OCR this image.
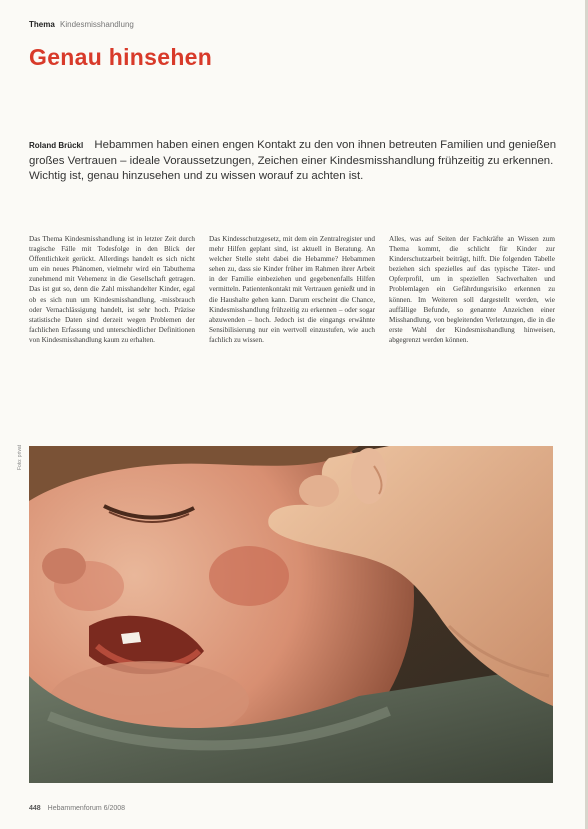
Thema Kindesmisshandlung
Genau hinsehen
Roland Brückl Hebammen haben einen engen Kontakt zu den von ihnen betreuten Familien und genießen großes Vertrauen – ideale Voraussetzungen, Zeichen einer Kindesmisshandlung frühzeitig zu erkennen. Wichtig ist, genau hinzusehen und zu wissen worauf zu achten ist.

Das Thema Kindesmisshandlung ist in letzter Zeit durch tragische Fälle mit Todesfolge in den Blick der Öffentlichkeit gerückt. Allerdings handelt es sich nicht um ein neues Phänomen, vielmehr wird ein Tabuthema zunehmend mit Vehemenz in die Gesellschaft getragen. Das ist gut so, denn die Zahl misshandelter Kinder, egal ob es sich nun um Kindesmisshandlung, -missbrauch oder Vernachlässigung handelt, ist sehr hoch. Präzise statistische Daten sind derzeit wegen Problemen der fachlichen Erfassung und unterschiedlicher Definitionen von Kindesmisshandlung kaum zu erhalten.

Das Kindesschutzgesetz, mit dem ein Zentralregister und mehr Hilfen geplant sind, ist aktuell in Beratung. An welcher Stelle steht dabei die Hebamme? Hebammen sehen zu, dass sie Kinder früher im Rahmen ihrer Arbeit in der Familie einbeziehen und gegebenenfalls Hilfen vermitteln. Patientenkontakt mit Vertrauen genießt und in die Haushalte gehen kann. Darum erscheint die Chance, Kindesmisshandlung frühzeitig zu erkennen – oder sogar abzuwenden – hoch. Jedoch ist die eingangs erwähnte Sensibilisierung nur ein wertvoll einzustufen, wie auch fachlich zu wissen.

Alles, was auf Seiten der Fachkräfte an Wissen zum Thema kommt, die schlicht für Kinder zur Kinderschutzarbeit beiträgt, hilft. Die folgenden Tabelle beziehen sich spezielles auf das typische Täter- und Opferprofil, um in speziellen Sachverhalten und Problemlagen ein Gefährdungsrisiko erkennen zu können. Im Weiteren soll dargestellt werden, wie auffällige Befunde, so genannte Anzeichen einer Misshandlung, von begleitenden Verletzungen, die in die erste Wahl der Kindesmisshandlung hinweisen, abgegrenzt werden können.

Foto: privat
448 Hebammenforum 6/2008
